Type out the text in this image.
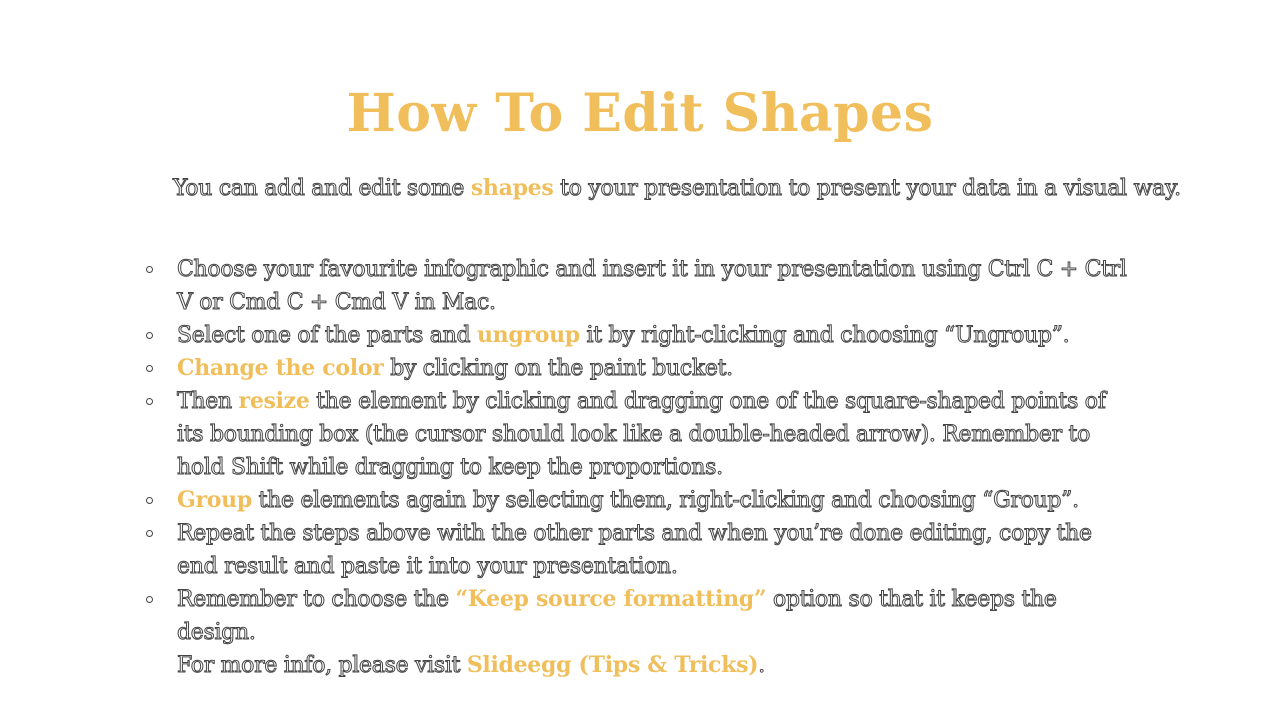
How To Edit Shapes
You can add and edit some shapes to your presentation to present your data in a visual way.
Choose your favourite infographic and insert it in your presentation using Ctrl C + Ctrl V or Cmd C + Cmd V in Mac.
Select one of the parts and ungroup it by right-clicking and choosing “Ungroup”.
Change the color by clicking on the paint bucket.
Then resize the element by clicking and dragging one of the square-shaped points of its bounding box (the cursor should look like a double-headed arrow). Remember to hold Shift while dragging to keep the proportions.
Group the elements again by selecting them, right-clicking and choosing “Group”.
Repeat the steps above with the other parts and when you’re done editing, copy the end result and paste it into your presentation.
Remember to choose the “Keep source formatting” option so that it keeps the design.
For more info, please visit Slideegg (Tips & Tricks).
